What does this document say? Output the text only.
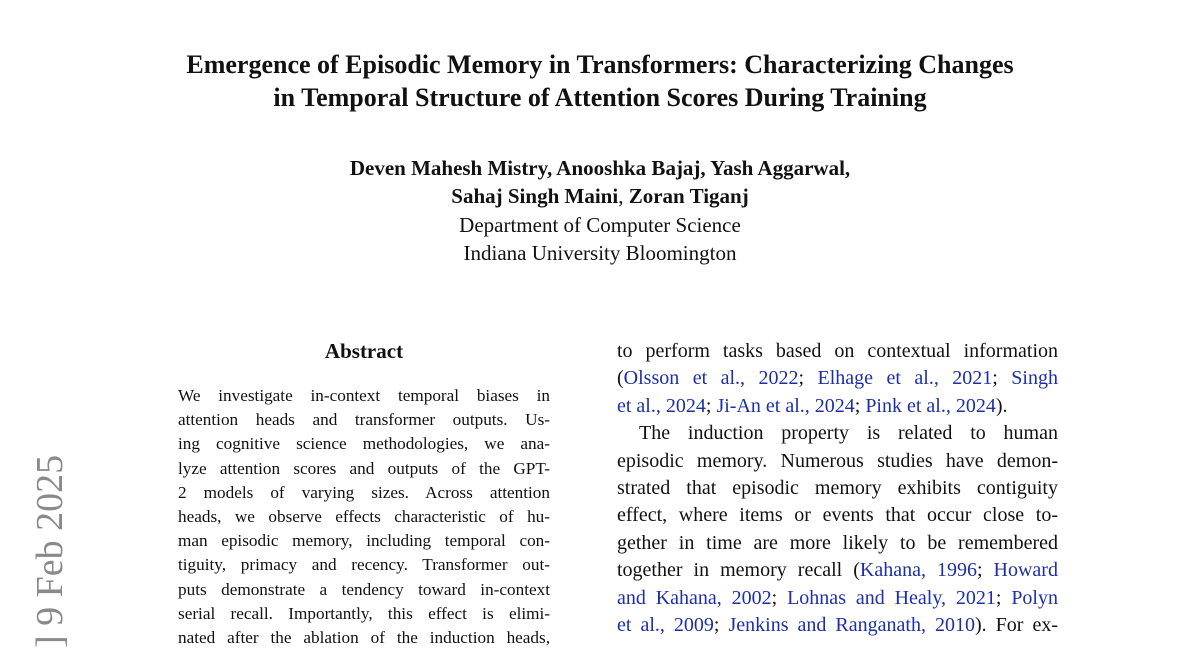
] 9 Feb 2025
Emergence of Episodic Memory in Transformers: Characterizing Changes
in Temporal Structure of Attention Scores During Training
Deven Mahesh Mistry, Anooshka Bajaj, Yash Aggarwal,
Sahaj Singh Maini, Zoran Tiganj
Department of Computer Science
Indiana University Bloomington
Abstract
We investigate in-context temporal biases in
attention heads and transformer outputs. Us-
ing cognitive science methodologies, we ana-
lyze attention scores and outputs of the GPT-
2 models of varying sizes. Across attention
heads, we observe effects characteristic of hu-
man episodic memory, including temporal con-
tiguity, primacy and recency. Transformer out-
puts demonstrate a tendency toward in-context
serial recall. Importantly, this effect is elimi-
nated after the ablation of the induction heads,
to perform tasks based on contextual information
(Olsson et al., 2022; Elhage et al., 2021; Singh
et al., 2024; Ji-An et al., 2024; Pink et al., 2024).
The induction property is related to human
episodic memory. Numerous studies have demon-
strated that episodic memory exhibits contiguity
effect, where items or events that occur close to-
gether in time are more likely to be remembered
together in memory recall (Kahana, 1996; Howard
and Kahana, 2002; Lohnas and Healy, 2021; Polyn
et al., 2009; Jenkins and Ranganath, 2010). For ex-
